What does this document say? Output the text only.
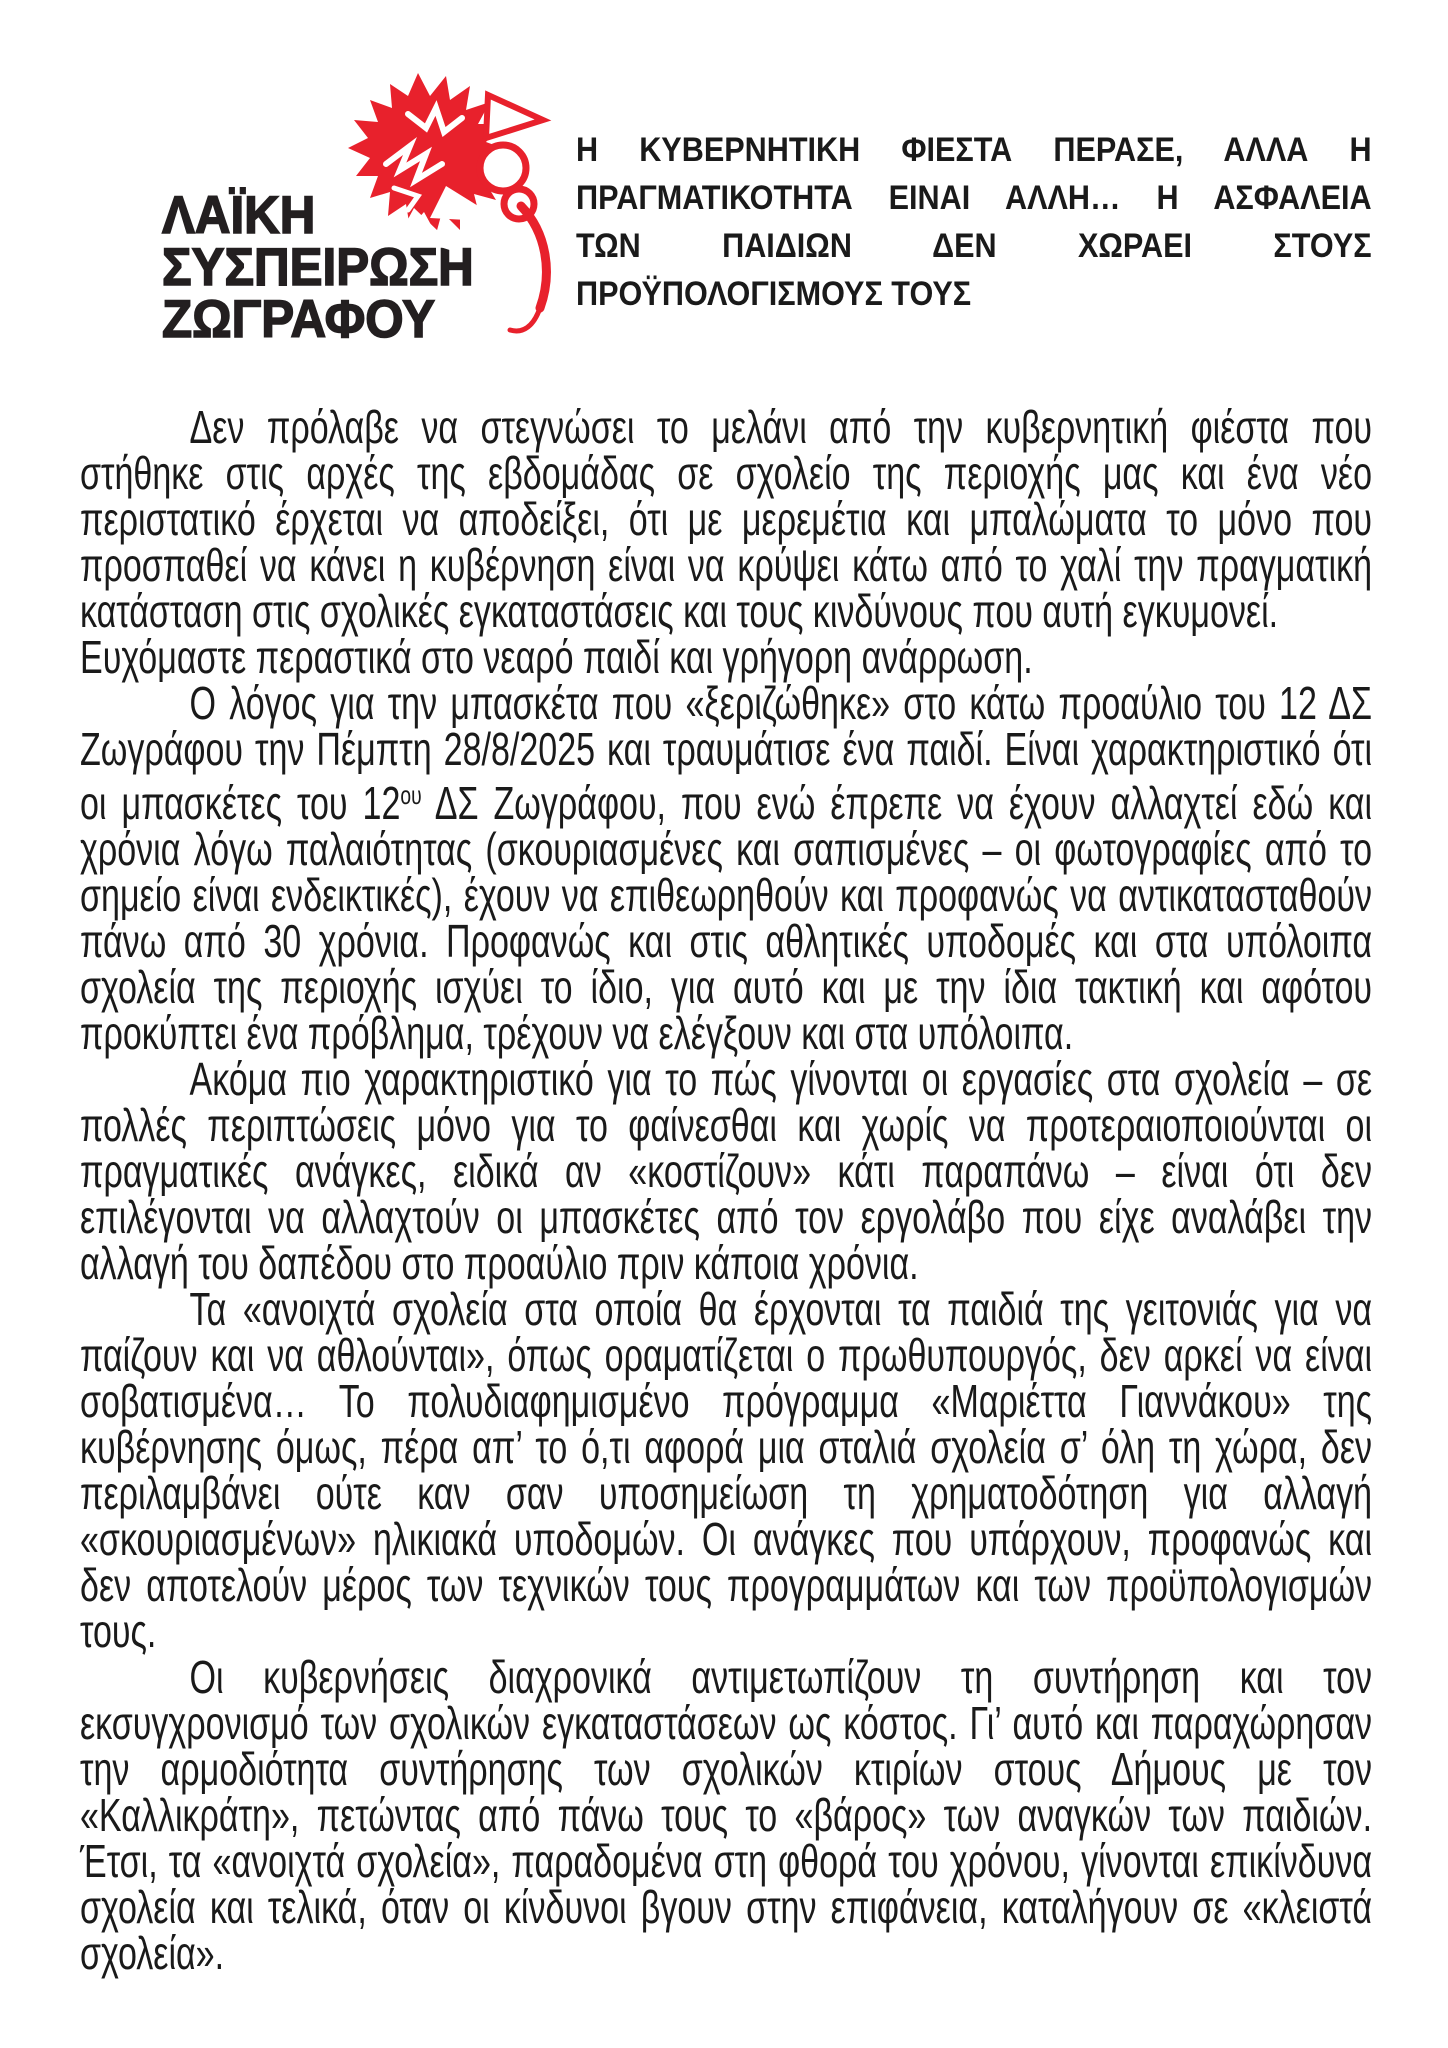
ΛΑΪΚΗ
ΣΥΣΠΕΙΡΩΣΗ
ΖΩΓΡΑΦΟΥ
Η ΚΥΒΕΡΝΗΤΙΚΗ ΦΙΕΣΤΑ ΠΕΡΑΣΕ, ΑΛΛΑ Η
ΠΡΑΓΜΑΤΙΚΟΤΗΤΑ ΕΙΝΑΙ ΑΛΛΗ… Η ΑΣΦΑΛΕΙΑ
ΤΩΝ ΠΑΙΔΙΩΝ ΔΕΝ ΧΩΡΑΕΙ ΣΤΟΥΣ
ΠΡΟΫΠΟΛΟΓΙΣΜΟΥΣ ΤΟΥΣ

Δεν πρόλαβε να στεγνώσει το μελάνι από την κυβερνητική φιέστα που στήθηκε στις αρχές της εβδομάδας σε σχολείο της περιοχής μας και ένα νέο περιστατικό έρχεται να αποδείξει, ότι με μερεμέτια και μπαλώματα το μόνο που προσπαθεί να κάνει η κυβέρνηση είναι να κρύψει κάτω από το χαλί την πραγματική κατάσταση στις σχολικές εγκαταστάσεις και τους κινδύνους που αυτή εγκυμονεί.

Ευχόμαστε περαστικά στο νεαρό παιδί και γρήγορη ανάρρωση.

Ο λόγος για την μπασκέτα που «ξεριζώθηκε» στο κάτω προαύλιο του 12 ΔΣ Ζωγράφου την Πέμπτη 28/8/2025 και τραυμάτισε ένα παιδί. Είναι χαρακτηριστικό ότι οι μπασκέτες του $12^{o\upsilon}$ ΔΣ Ζωγράφου, που ενώ έπρεπε να έχουν αλλαχτεί εδώ και χρόνια λόγω παλαιότητας (σκουριασμένες και σαπισμένες – οι φωτογραφίες από το σημείο είναι ενδεικτικές), έχουν να επιθεωρηθούν και προφανώς να αντικατασταθούν πάνω από 30 χρόνια. Προφανώς και στις αθλητικές υποδομές και στα υπόλοιπα σχολεία της περιοχής ισχύει το ίδιο, για αυτό και με την ίδια τακτική και αφότου προκύπτει ένα πρόβλημα, τρέχουν να ελέγξουν και στα υπόλοιπα.

Ακόμα πιο χαρακτηριστικό για το πώς γίνονται οι εργασίες στα σχολεία – σε πολλές περιπτώσεις μόνο για το φαίνεσθαι και χωρίς να προτεραιοποιούνται οι πραγματικές ανάγκες, ειδικά αν «κοστίζουν» κάτι παραπάνω – είναι ότι δεν επιλέγονται να αλλαχτούν οι μπασκέτες από τον εργολάβο που είχε αναλάβει την αλλαγή του δαπέδου στο προαύλιο πριν κάποια χρόνια.

Τα «ανοιχτά σχολεία στα οποία θα έρχονται τα παιδιά της γειτονιάς για να παίζουν και να αθλούνται», όπως οραματίζεται ο πρωθυπουργός, δεν αρκεί να είναι σοβατισμένα… Το πολυδιαφημισμένο πρόγραμμα «Μαριέττα Γιαννάκου» της κυβέρνησης όμως, πέρα απ’ το ό,τι αφορά μια σταλιά σχολεία σ’ όλη τη χώρα, δεν περιλαμβάνει ούτε καν σαν υποσημείωση τη χρηματοδότηση για αλλαγή «σκουριασμένων» ηλικιακά υποδομών. Οι ανάγκες που υπάρχουν, προφανώς και δεν αποτελούν μέρος των τεχνικών τους προγραμμάτων και των προϋπολογισμών τους.

Οι κυβερνήσεις διαχρονικά αντιμετωπίζουν τη συντήρηση και τον εκσυγχρονισμό των σχολικών εγκαταστάσεων ως κόστος. Γι’ αυτό και παραχώρησαν την αρμοδιότητα συντήρησης των σχολικών κτιρίων στους Δήμους με τον «Καλλικράτη», πετώντας από πάνω τους το «βάρος» των αναγκών των παιδιών. Έτσι, τα «ανοιχτά σχολεία», παραδομένα στη φθορά του χρόνου, γίνονται επικίνδυνα σχολεία και τελικά, όταν οι κίνδυνοι βγουν στην επιφάνεια, καταλήγουν σε «κλειστά σχολεία».
